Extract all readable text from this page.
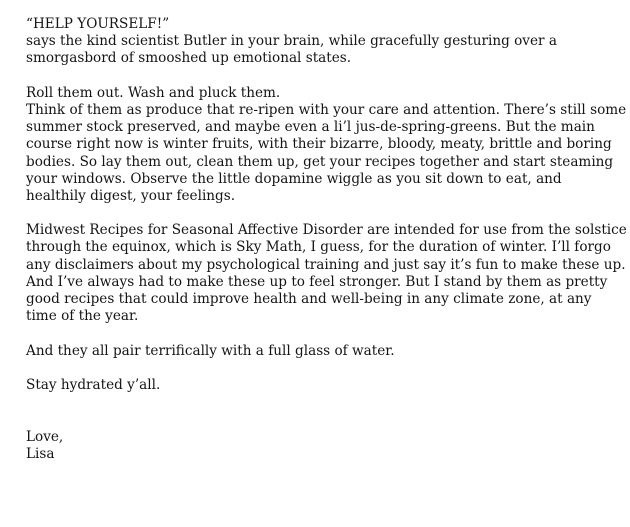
“HELP YOURSELF!”
says the kind scientist Butler in your brain, while gracefully gesturing over a
smorgasbord of smooshed up emotional states.
Roll them out. Wash and pluck them.
Think of them as produce that re-ripen with your care and attention. There’s still some
summer stock preserved, and maybe even a li’l jus-de-spring-greens. But the main
course right now is winter fruits, with their bizarre, bloody, meaty, brittle and boring
bodies. So lay them out, clean them up, get your recipes together and start steaming
your windows. Observe the little dopamine wiggle as you sit down to eat, and
healthily digest, your feelings.
Midwest Recipes for Seasonal Affective Disorder are intended for use from the solstice
through the equinox, which is Sky Math, I guess, for the duration of winter. I’ll forgo
any disclaimers about my psychological training and just say it’s fun to make these up.
And I’ve always had to make these up to feel stronger. But I stand by them as pretty
good recipes that could improve health and well-being in any climate zone, at any
time of the year.
And they all pair terrifically with a full glass of water.
Stay hydrated y’all.
Love,
Lisa
